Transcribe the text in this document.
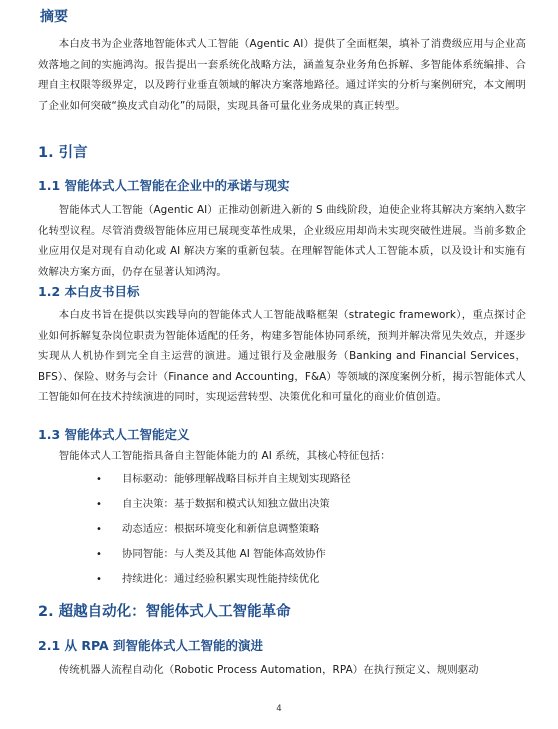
摘要

本白皮书为企业落地智能体式人工智能（Agentic AI）提供了全面框架，填补了消费级应用与企业高效落地之间的实施鸿沟。报告提出一套系统化战略方法，涵盖复杂业务角色拆解、多智能体系统编排、合理自主权限等级界定，以及跨行业垂直领域的解决方案落地路径。通过详实的分析与案例研究，本文阐明了企业如何突破“换皮式自动化”的局限，实现具备可量化业务成果的真正转型。

1. 引言
1.1 智能体式人工智能在企业中的承诺与现实

智能体式人工智能（Agentic AI）正推动创新进入新的 S 曲线阶段，迫使企业将其解决方案纳入数字化转型议程。尽管消费级智能体应用已展现变革性成果，企业级应用却尚未实现突破性进展。当前多数企业应用仅是对现有自动化或 AI 解决方案的重新包装。在理解智能体式人工智能本质，以及设计和实施有效解决方案方面，仍存在显著认知鸿沟。

1.2 本白皮书目标

本白皮书旨在提供以实践导向的智能体式人工智能战略框架（strategic framework），重点探讨企业如何拆解复杂岗位职责为智能体适配的任务，构建多智能体协同系统，预判并解决常见失效点，并逐步实现从人机协作到完全自主运营的演进。通过银行及金融服务（Banking and Financial Services，BFS）、保险、财务与会计（Finance and Accounting，F&A）等领域的深度案例分析，揭示智能体式人工智能如何在技术持续演进的同时，实现运营转型、决策优化和可量化的商业价值创造。

1.3 智能体式人工智能定义

智能体式人工智能指具备自主智能体能力的 AI 系统，其核心特征包括：

• 目标驱动：能够理解战略目标并自主规划实现路径
• 自主决策：基于数据和模式认知独立做出决策
• 动态适应：根据环境变化和新信息调整策略
• 协同智能：与人类及其他 AI 智能体高效协作
• 持续进化：通过经验积累实现性能持续优化
2. 超越自动化：智能体式人工智能革命
2.1 从 RPA 到智能体式人工智能的演进

传统机器人流程自动化（Robotic Process Automation，RPA）在执行预定义、规则驱动

4
